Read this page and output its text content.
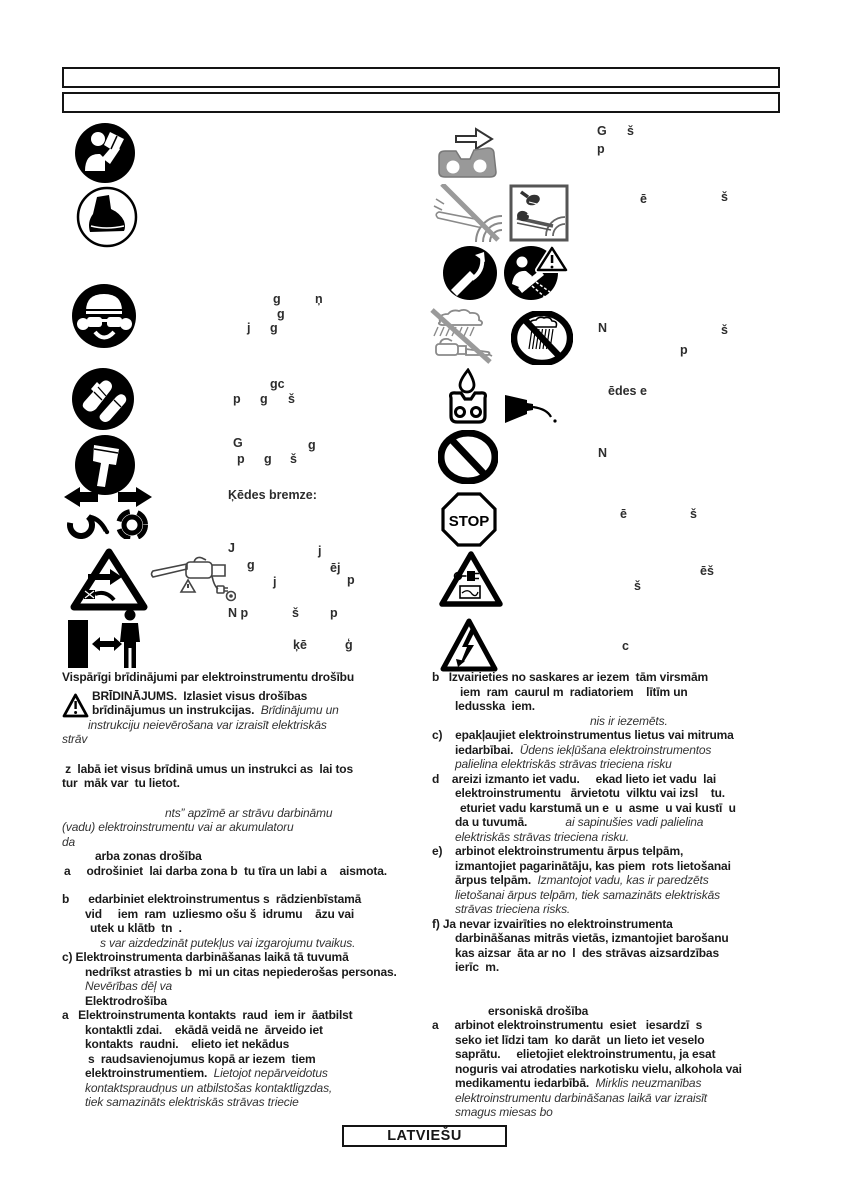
STOP
Vispārīgi brīdinājumi par elektroinstrumentu drošību
BRĪDINĀJUMS.  Izlasiet visus drošības
brīdinājumus un instrukcijas.  Brīdinājumu un
instrukciju neievērošana var izraisīt elektriskās
strāv
z  labā iet visus brīdinā umus un instrukci as  lai tos
tur  māk var  tu lietot.
nts” apzīmē ar strāvu darbināmu
(vadu) elektroinstrumentu vai ar akumulatoru
da
arba zonas drošība
a     odrošiniet  lai darba zona b  tu tīra un labi a    aismota.
b      edarbiniet elektroinstrumentus s  rādzienbīstamā
vid     iem  ram  uzliesmo ošu š  idrumu    āzu vai
utek u klātb  tn  .
s var aizdedzināt putekļus vai izgarojumu tvaikus.
c) Elektroinstrumenta darbināšanas laikā tā tuvumā
nedrīkst atrasties b  mi un citas nepiederošas personas.
Nevērības dēļ va
Elektrodrošība
a   Elektroinstrumenta kontakts  raud  iem ir  āatbilst
kontaktli zdai.    ekādā veidā ne  ārveido iet
kontakts  raudni.    elieto iet nekādus
s  raudsavienojumus kopā ar iezem  tiem
elektroinstrumentiem.  Lietojot nepārveidotus
kontaktspraudņus un atbilstošas kontaktligzdas,
tiek samazināts elektriskās strāvas triecie
b   Izvairieties no saskares ar iezem  tām virsmām
iem  ram  caurul m  radiatoriem    lītīm un
ledusska  iem.
nis ir iezemēts.
c)    epakļaujiet elektroinstrumentus lietus vai mitruma
iedarbībai.  Ūdens iekļūšana elektroinstrumentos
palielina elektriskās strāvas trieciena risku
d    areizi izmanto iet vadu.     ekad lieto iet vadu  lai
elektroinstrumentu   ārvietotu  vilktu vai izsl    tu.
eturiet vadu karstumā un e  u  asme  u vai kustī  u
da u tuvumā.            ai sapinušies vadi palielina
elektriskās strāvas trieciena risku.
e)    arbinot elektroinstrumentu ārpus telpām,
izmantojiet pagarinātāju, kas piem  rots lietošanai
ārpus telpām.  Izmantojot vadu, kas ir paredzēts
lietošanai ārpus telpām, tiek samazināts elektriskās
strāvas trieciena risks.
f) Ja nevar izvairīties no elektroinstrumenta
darbināšanas mitrās vietās, izmantojiet barošanu
kas aizsar  āta ar no  l  des strāvas aizsardzības
ierīc  m.
ersoniskā drošība
a     arbinot elektroinstrumentu  esiet   iesardzī  s
seko iet līdzi tam  ko darāt  un lieto iet veselo
saprātu.     elietojiet elektroinstrumentu, ja esat
noguris vai atrodaties narkotisku vielu, alkohola vai
medikamentu iedarbībā.  Mirklis neuzmanības
elektroinstrumentu darbināšanas laikā var izraisīt
smagus miesas bo
g	ņ
g
j g
gc
p g š
G	g
p g š
Ķēdes bremze:
J	j
g	ēj
j	p
N p	š p
ķē	ģ
G š
p
ē	š
N	š
p
ēdes e
N
ē	š
ēš
š
c
LATVIEŠU
